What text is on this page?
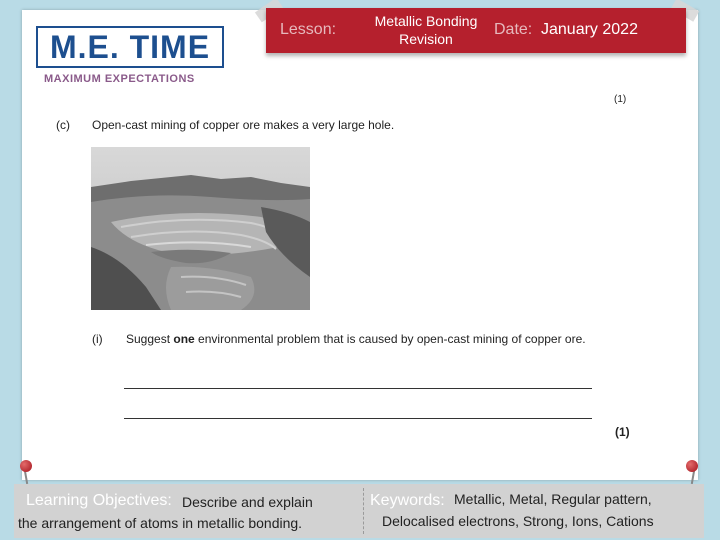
M.E. TIME
MAXIMUM EXPECTATIONS
Lesson:	Metallic Bonding Revision
Date: January 2022
(1)
(c) Open-cast mining of copper ore makes a very large hole.
(i) Suggest one environmental problem that is caused by open-cast mining of copper ore.
(1)
Learning Objectives: Describe and explain
the arrangement of atoms in metallic bonding.
Keywords: Metallic, Metal, Regular pattern,
Delocalised electrons, Strong, Ions, Cations
